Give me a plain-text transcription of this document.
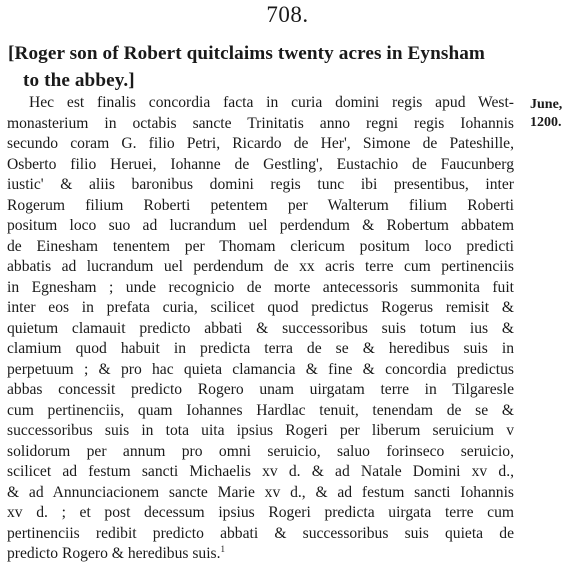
708.
[Roger son of Robert quitclaims twenty acres in Eynsham
to the abbey.]
Hec est finalis concordia facta in curia domini regis apud West-
monasterium in octabis sancte Trinitatis anno regni regis Iohannis
secundo coram G. filio Petri, Ricardo de Her', Simone de Pateshille,
Osberto filio Heruei, Iohanne de Gestling', Eustachio de Faucunberg
iustic' & aliis baronibus domini regis tunc ibi presentibus, inter
Rogerum filium Roberti petentem per Walterum filium Roberti
positum loco suo ad lucrandum uel perdendum & Robertum abbatem
de Einesham tenentem per Thomam clericum positum loco predicti
abbatis ad lucrandum uel perdendum de xx acris terre cum pertinenciis
in Egnesham ; unde recognicio de morte antecessoris summonita fuit
inter eos in prefata curia, scilicet quod predictus Rogerus remisit &
quietum clamauit predicto abbati & successoribus suis totum ius &
clamium quod habuit in predicta terra de se & heredibus suis in
perpetuum ; & pro hac quieta clamancia & fine & concordia predictus
abbas concessit predicto Rogero unam uirgatam terre in Tilgaresle
cum pertinenciis, quam Iohannes Hardlac tenuit, tenendam de se &
successoribus suis in tota uita ipsius Rogeri per liberum seruicium v
solidorum per annum pro omni seruicio, saluo forinseco seruicio,
scilicet ad festum sancti Michaelis xv d. & ad Natale Domini xv d.,
& ad Annunciacionem sancte Marie xv d., & ad festum sancti Iohannis
xv d. ; et post decessum ipsius Rogeri predicta uirgata terre cum
pertinenciis redibit predicto abbati & successoribus suis quieta de
predicto Rogero & heredibus suis.$^1$
June,
1200.
